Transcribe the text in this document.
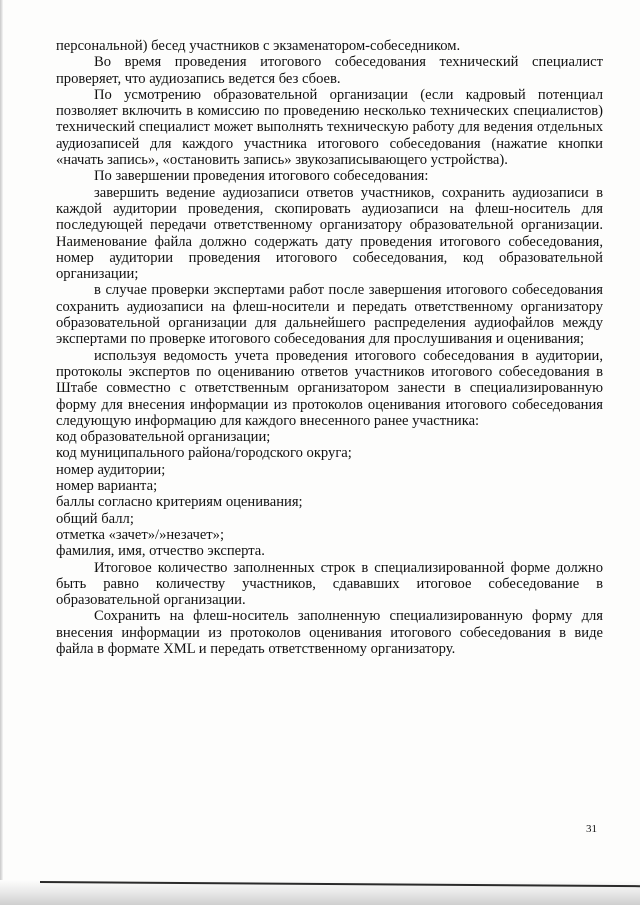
персональной) бесед участников с экзаменатором-собеседником.

Во время проведения итогового собеседования технический специалист проверяет, что аудиозапись ведется без сбоев.

По усмотрению образовательной организации (если кадровый потенциал позволяет включить в комиссию по проведению несколько технических специалистов) технический специалист может выполнять техническую работу для ведения отдельных аудиозаписей для каждого участника итогового собеседования (нажатие кнопки «начать запись», «остановить запись» звукозаписывающего устройства).

По завершении проведения итогового собеседования:

завершить ведение аудиозаписи ответов участников, сохранить аудиозаписи в каждой аудитории проведения, скопировать аудиозаписи на флеш-носитель для последующей передачи ответственному организатору образовательной организации. Наименование файла должно содержать дату проведения итогового собеседования, номер аудитории проведения итогового собеседования, код образовательной организации;

в случае проверки экспертами работ после завершения итогового собеседования сохранить аудиозаписи на флеш-носители и передать ответственному организатору образовательной организации для дальнейшего распределения аудиофайлов между экспертами по проверке итогового собеседования для прослушивания и оценивания;

используя ведомость учета проведения итогового собеседования в аудитории, протоколы экспертов по оцениванию ответов участников итогового собеседования в Штабе совместно с ответственным организатором занести в специализированную форму для внесения информации из протоколов оценивания итогового собеседования следующую информацию для каждого внесенного ранее участника:

код образовательной организации;

код муниципального района/городского округа;

номер аудитории;

номер варианта;

баллы согласно критериям оценивания;

общий балл;

отметка «зачет»/»незачет»;

фамилия, имя, отчество эксперта.

Итоговое количество заполненных строк в специализированной форме должно быть равно количеству участников, сдававших итоговое собеседование в образовательной организации.

Сохранить на флеш-носитель заполненную специализированную форму для внесения информации из протоколов оценивания итогового собеседования в виде файла в формате XML и передать ответственному организатору.

31
